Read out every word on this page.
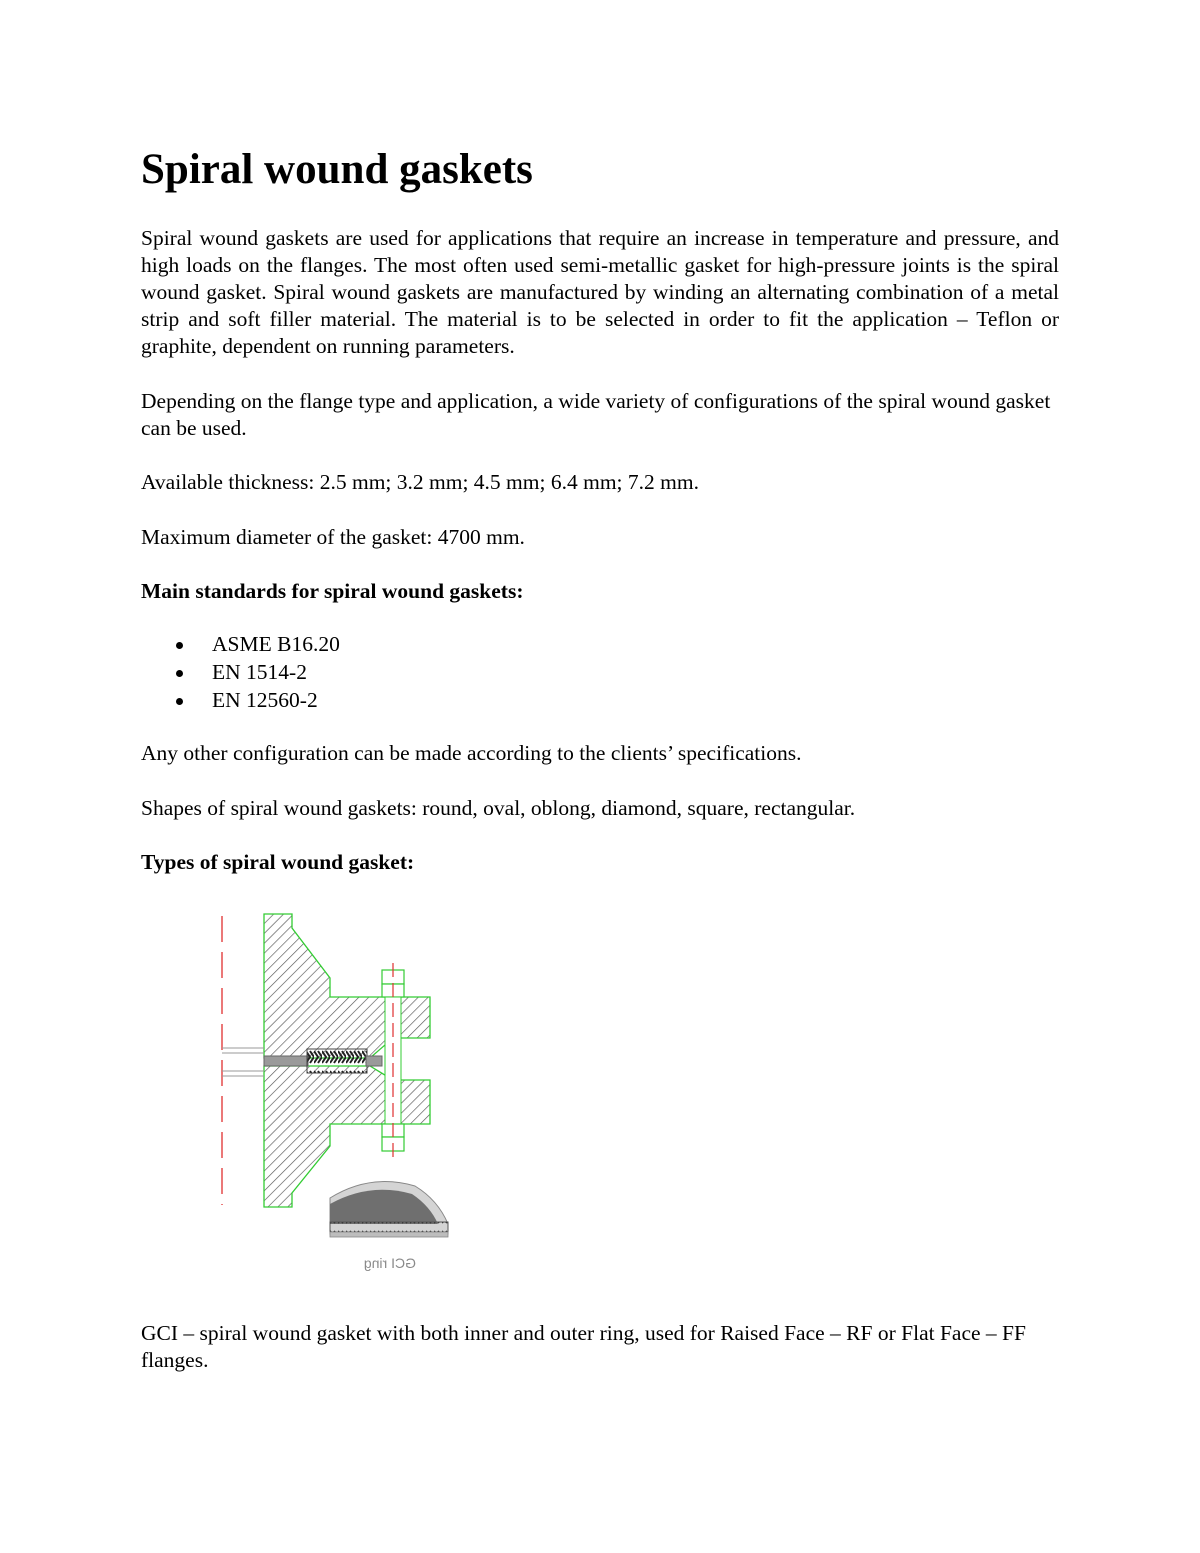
Spiral wound gaskets

Spiral wound gaskets are used for applications that require an increase in temperature and pressure, and high loads on the flanges. The most often used semi-metallic gasket for high-pressure joints is the spiral wound gasket. Spiral wound gaskets are manufactured by winding an alternating combination of a metal strip and soft filler material. The material is to be selected in order to fit the application – Teflon or graphite, dependent on running parameters.

Depending on the flange type and application, a wide variety of configurations of the spiral wound gasket can be used.

Available thickness: 2.5 mm; 3.2 mm; 4.5 mm; 6.4 mm; 7.2 mm.

Maximum diameter of the gasket: 4700 mm.

Main standards for spiral wound gaskets:

ASME B16.20
EN 1514-2
EN 12560-2

Any other configuration can be made according to the clients’ specifications.

Shapes of spiral wound gaskets: round, oval, oblong, diamond, square, rectangular.

Types of spiral wound gasket:

GCI – spiral wound gasket with both inner and outer ring, used for Raised Face – RF or Flat Face – FF flanges.

GCI ring
